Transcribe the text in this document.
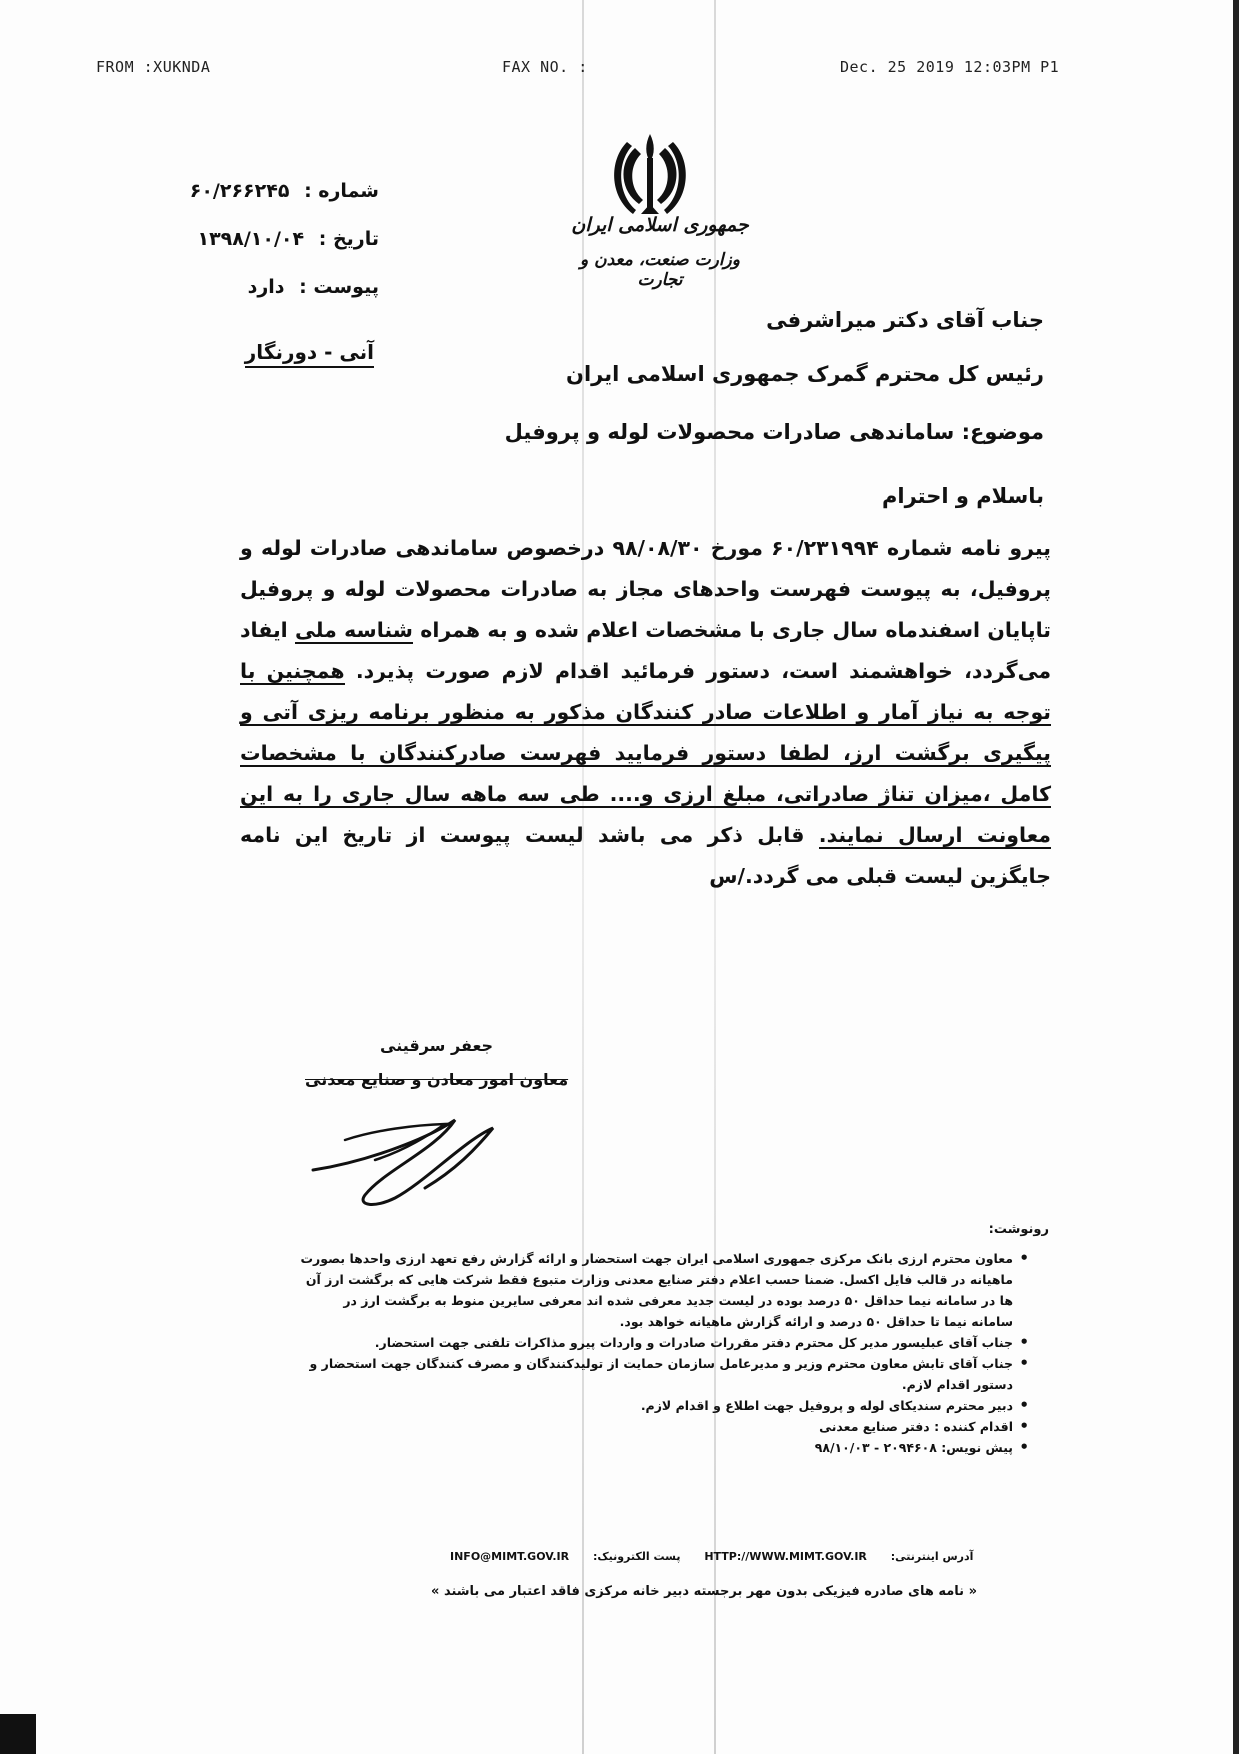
FROM :XUKNDA	FAX NO. :	Dec. 25 2019 12:03PM P1
شماره : ۶۰/۲۶۶۲۴۵
تاریخ : ۱۳۹۸/۱۰/۰۴
پیوست : دارد
آنی - دورنگار
جمهوری اسلامی ایران
وزارت صنعت، معدن و تجارت
جناب آقای دکتر میراشرفی
رئیس کل محترم گمرک جمهوری اسلامی ایران
موضوع: ساماندهی صادرات محصولات لوله و پروفیل
باسلام و احترام

پیرو نامه شماره ۶۰/۲۳۱۹۹۴ مورخ ۹۸/۰۸/۳۰ درخصوص ساماندهی صادرات لوله و پروفیل، به پیوست فهرست واحدهای مجاز به صادرات محصولات لوله و پروفیل تاپایان اسفندماه سال جاری با مشخصات اعلام شده و به همراه شناسه ملی ایفاد می‌گردد، خواهشمند است، دستور فرمائید اقدام لازم صورت پذیرد. همچنین با توجه به نیاز آمار و اطلاعات صادر کنندگان مذکور به منظور برنامه ریزی آتی و پیگیری برگشت ارز، لطفا دستور فرمایید فهرست صادرکنندگان با مشخصات کامل ،میزان تناژ صادراتی، مبلغ ارزی و.... طی سه ماهه سال جاری را به این معاونت ارسال نمایند. قابل ذکر می باشد لیست پیوست از تاریخ این نامه جایگزین لیست قبلی می گردد./س

جعفر سرقینی
معاون امور معادن و صنایع معدنی
رونوشت:
• معاون محترم ارزی بانک مرکزی جمهوری اسلامی ایران جهت استحضار و ارائه گزارش رفع تعهد ارزی واحدها بصورت ماهیانه در قالب فایل اکسل. ضمنا حسب اعلام دفتر صنایع معدنی وزارت متبوع فقط شرکت هایی که برگشت ارز آن ها در سامانه نیما حداقل ۵۰ درصد بوده در لیست جدید معرفی شده اند معرفی سایرین منوط به برگشت ارز در سامانه نیما تا حداقل ۵۰ درصد و ارائه گزارش ماهیانه خواهد بود.
• جناب آقای عبلیسور مدیر کل محترم دفتر مقررات صادرات و واردات پیرو مذاکرات تلفنی جهت استحضار.
• جناب آقای تابش معاون محترم وزیر و مدیرعامل سازمان حمایت از تولیدکنندگان و مصرف کنندگان جهت استحضار و دستور اقدام لازم.
• دبیر محترم سندیکای لوله و پروفیل جهت اطلاع و اقدام لازم.
• اقدام کننده : دفتر صنایع معدنی
• پیش نویس: ۲۰۹۴۶۰۸ - ۹۸/۱۰/۰۳
INFO@MIMT.GOV.IR پست الکترونیک: HTTP://WWW.MIMT.GOV.IR آدرس اینترنتی:
« نامه های صادره فیزیکی بدون مهر برجسته دبیر خانه مرکزی فاقد اعتبار می باشند »
